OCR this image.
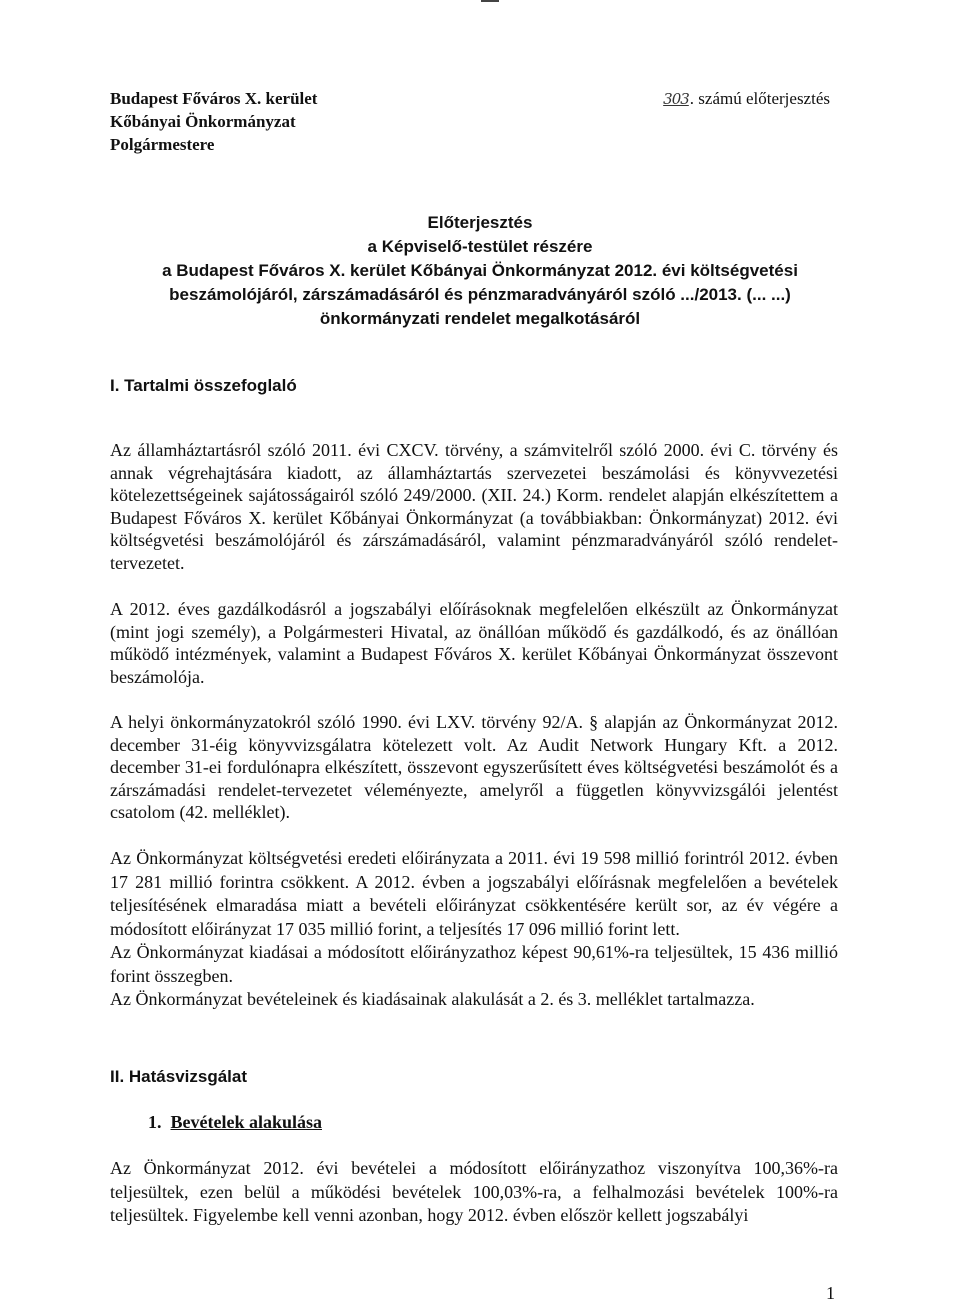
Budapest Főváros X. kerület
Kőbányai Önkormányzat
Polgármestere
303. számú előterjesztés
Előterjesztés
a Képviselő-testület részére
a Budapest Főváros X. kerület Kőbányai Önkormányzat 2012. évi költségvetési
beszámolójáról, zárszámadásáról és pénzmaradványáról szóló .../2013. (... ...)
önkormányzati rendelet megalkotásáról
I. Tartalmi összefoglaló
Az államháztartásról szóló 2011. évi CXCV. törvény, a számvitelről szóló 2000. évi C. törvény és annak végrehajtására kiadott, az államháztartás szervezetei beszámolási és könyvvezetési kötelezettségeinek sajátosságairól szóló 249/2000. (XII. 24.) Korm. rendelet alapján elkészítettem a Budapest Főváros X. kerület Kőbányai Önkormányzat (a továbbiakban: Önkormányzat) 2012. évi költségvetési beszámolójáról és zárszámadásáról, valamint pénzmaradványáról szóló rendelet-tervezetet.
A 2012. éves gazdálkodásról a jogszabályi előírásoknak megfelelően elkészült az Önkormányzat (mint jogi személy), a Polgármesteri Hivatal, az önállóan működő és gazdálkodó, és az önállóan működő intézmények, valamint a Budapest Főváros X. kerület Kőbányai Önkormányzat összevont beszámolója.
A helyi önkormányzatokról szóló 1990. évi LXV. törvény 92/A. § alapján az Önkormányzat 2012. december 31-éig könyvvizsgálatra kötelezett volt. Az Audit Network Hungary Kft. a 2012. december 31-ei fordulónapra elkészített, összevont egyszerűsített éves költségvetési beszámolót és a zárszámadási rendelet-tervezetet véleményezte, amelyről a független könyvvizsgálói jelentést csatolom (42. melléklet).
Az Önkormányzat költségvetési eredeti előirányzata a 2011. évi 19 598 millió forintról 2012. évben 17 281 millió forintra csökkent. A 2012. évben a jogszabályi előírásnak megfelelően a bevételek teljesítésének elmaradása miatt a bevételi előirányzat csökkentésére került sor, az év végére a módosított előirányzat 17 035 millió forint, a teljesítés 17 096 millió forint lett.
Az Önkormányzat kiadásai a módosított előirányzathoz képest 90,61%-ra teljesültek, 15 436 millió forint összegben.
Az Önkormányzat bevételeinek és kiadásainak alakulását a 2. és 3. melléklet tartalmazza.
II. Hatásvizsgálat
1. Bevételek alakulása
Az Önkormányzat 2012. évi bevételei a módosított előirányzathoz viszonyítva 100,36%-ra teljesültek, ezen belül a működési bevételek 100,03%-ra, a felhalmozási bevételek 100%-ra teljesültek. Figyelembe kell venni azonban, hogy 2012. évben először kellett jogszabályi
1
